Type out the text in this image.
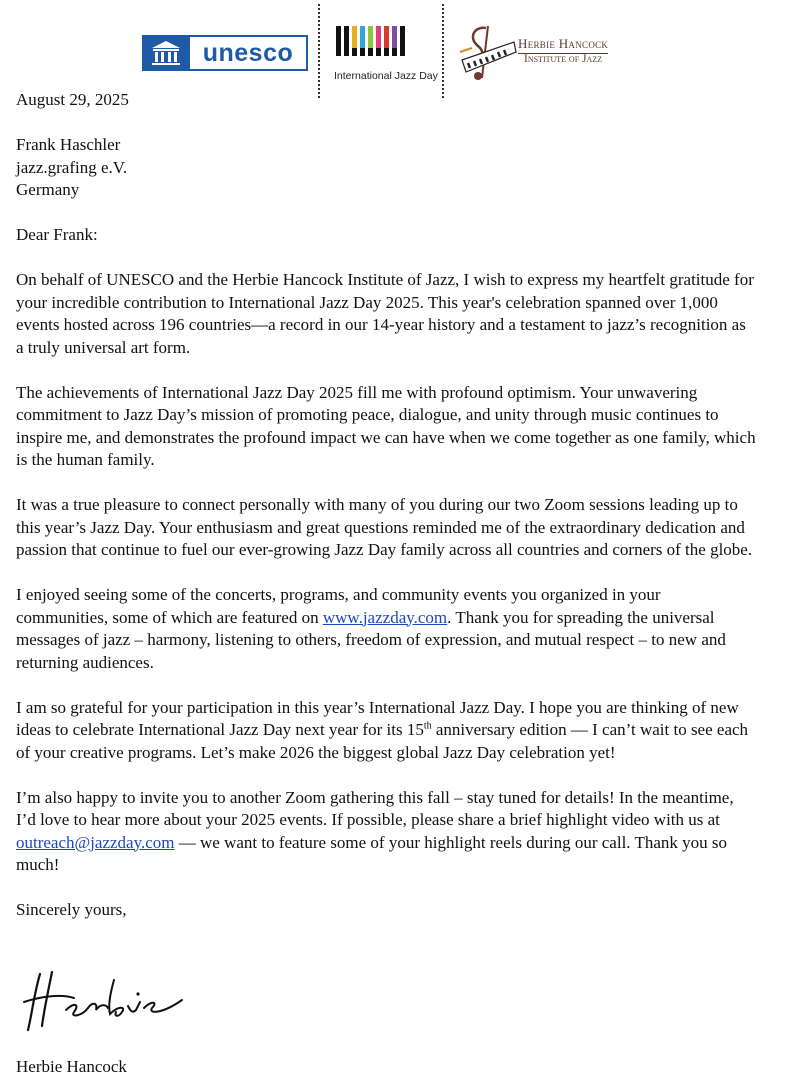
unesco
International Jazz Day
Herbie Hancock
Institute of Jazz

August 29, 2025

Frank Haschler

jazz.grafing e.V.

Germany

Dear Frank:

On behalf of UNESCO and the Herbie Hancock Institute of Jazz, I wish to express my heartfelt gratitude for your incredible contribution to International Jazz Day 2025. This year's celebration spanned over 1,000 events hosted across 196 countries—a record in our 14-year history and a testament to jazz’s recognition as a truly universal art form.

The achievements of International Jazz Day 2025 fill me with profound optimism. Your unwavering commitment to Jazz Day’s mission of promoting peace, dialogue, and unity through music continues to inspire me, and demonstrates the profound impact we can have when we come together as one family, which is the human family.

It was a true pleasure to connect personally with many of you during our two Zoom sessions leading up to this year’s Jazz Day. Your enthusiasm and great questions reminded me of the extraordinary dedication and passion that continue to fuel our ever-growing Jazz Day family across all countries and corners of the globe.

I enjoyed seeing some of the concerts, programs, and community events you organized in your communities, some of which are featured on www.jazzday.com. Thank you for spreading the universal messages of jazz – harmony, listening to others, freedom of expression, and mutual respect – to new and returning audiences.

I am so grateful for your participation in this year’s International Jazz Day. I hope you are thinking of new ideas to celebrate International Jazz Day next year for its 15th anniversary edition — I can’t wait to see each of your creative programs. Let’s make 2026 the biggest global Jazz Day celebration yet!

I’m also happy to invite you to another Zoom gathering this fall – stay tuned for details! In the meantime, I’d love to hear more about your 2025 events. If possible, please share a brief highlight video with us at outreach@jazzday.com — we want to feature some of your highlight reels during our call. Thank you so much!

Sincerely yours,

Herbie Hancock
